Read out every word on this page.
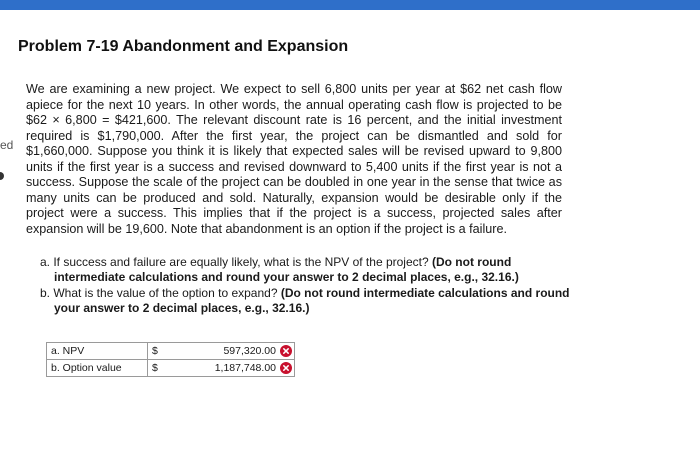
ed
Problem 7-19 Abandonment and Expansion
We are examining a new project. We expect to sell 6,800 units per year at $62 net cash flow apiece for the next 10 years. In other words, the annual operating cash flow is projected to be $62 × 6,800 = $421,600. The relevant discount rate is 16 percent, and the initial investment required is $1,790,000. After the first year, the project can be dismantled and sold for $1,660,000. Suppose you think it is likely that expected sales will be revised upward to 9,800 units if the first year is a success and revised downward to 5,400 units if the first year is not a success. Suppose the scale of the project can be doubled in one year in the sense that twice as many units can be produced and sold. Naturally, expansion would be desirable only if the project were a success. This implies that if the project is a success, projected sales after expansion will be 19,600. Note that abandonment is an option if the project is a failure.
a. If success and failure are equally likely, what is the NPV of the project? (Do not round intermediate calculations and round your answer to 2 decimal places, e.g., 32.16.)
b. What is the value of the option to expand? (Do not round intermediate calculations and round your answer to 2 decimal places, e.g., 32.16.)
a. NPV	$	597,320.00

b. Option value	$	1,187,748.00
